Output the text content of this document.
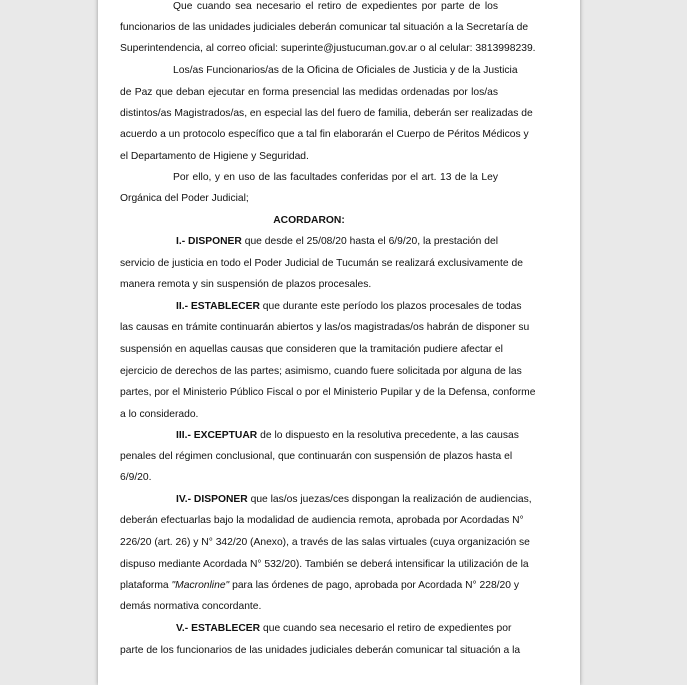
Que cuando sea necesario el retiro de expedientes por parte de los
funcionarios de las unidades judiciales deberán comunicar tal situación a la Secretaría de
Superintendencia, al correo oficial: superinte@justucuman.gov.ar o al celular: 3813998239.
Los/as Funcionarios/as de la Oficina de Oficiales de Justicia y de la Justicia
de Paz que deban ejecutar en forma presencial las medidas ordenadas por los/as
distintos/as Magistrados/as, en especial las del fuero de familia, deberán ser realizadas de
acuerdo a un protocolo específico que a tal fin elaborarán el Cuerpo de Péritos Médicos y
el Departamento de Higiene y Seguridad.
Por ello, y en uso de las facultades conferidas por el art. 13 de la Ley
Orgánica del Poder Judicial;
ACORDARON:
I.- DISPONER que desde el 25/08/20 hasta el 6/9/20, la prestación del
servicio de justicia en todo el Poder Judicial de Tucumán se realizará exclusivamente de
manera remota y sin suspensión de plazos procesales.
II.- ESTABLECER que durante este período los plazos procesales de todas
las causas en trámite continuarán abiertos y las/os magistradas/os habrán de disponer su
suspensión en aquellas causas que consideren que la tramitación pudiere afectar el
ejercicio de derechos de las partes; asimismo, cuando fuere solicitada por alguna de las
partes, por el Ministerio Público Fiscal o por el Ministerio Pupilar y de la Defensa, conforme
a lo considerado.
III.- EXCEPTUAR de lo dispuesto en la resolutiva precedente, a las causas
penales del régimen conclusional, que continuarán con suspensión de plazos hasta el
6/9/20.
IV.- DISPONER que las/os juezas/ces dispongan la realización de audiencias,
deberán efectuarlas bajo la modalidad de audiencia remota, aprobada por Acordadas N°
226/20 (art. 26) y N° 342/20 (Anexo), a través de las salas virtuales (cuya organización se
dispuso mediante Acordada N° 532/20). También se deberá intensificar la utilización de la
plataforma "Macronline" para las órdenes de pago, aprobada por Acordada N° 228/20 y
demás normativa concordante.
V.- ESTABLECER que cuando sea necesario el retiro de expedientes por
parte de los funcionarios de las unidades judiciales deberán comunicar tal situación a la
